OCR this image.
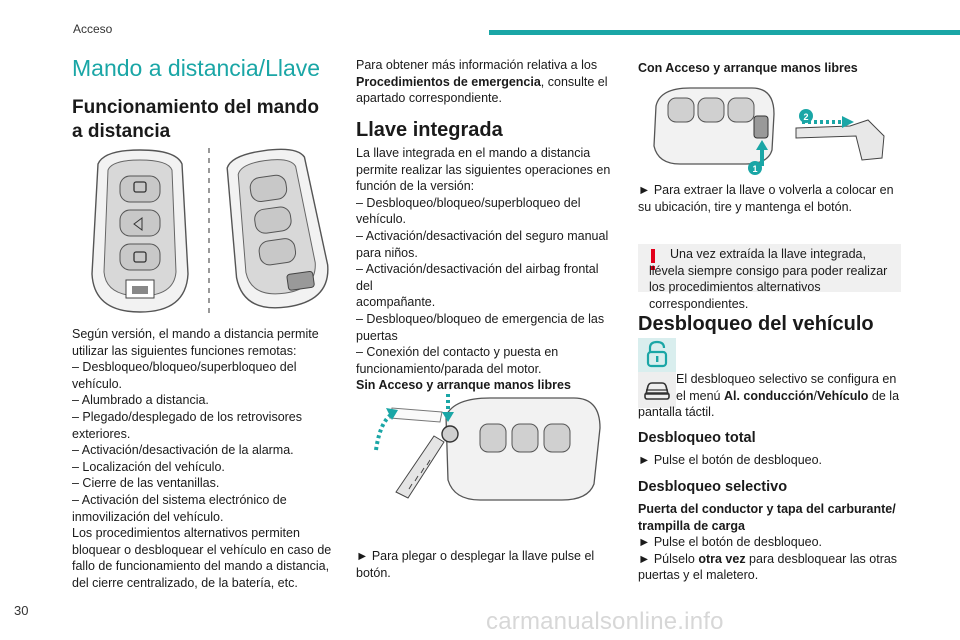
Acceso
Mando a distancia/Llave

Funcionamiento del mando

a distancia

Según versión, el mando a distancia permite

utilizar las siguientes funciones remotas:

– Desbloqueo/bloqueo/superbloqueo del

vehículo.

– Alumbrado a distancia.

– Plegado/desplegado de los retrovisores

exteriores.

– Activación/desactivación de la alarma.

– Localización del vehículo.

– Cierre de las ventanillas.

– Activación del sistema electrónico de

inmovilización del vehículo.

Los procedimientos alternativos permiten

bloquear o desbloquear el vehículo en caso de

fallo de funcionamiento del mando a distancia,

del cierre centralizado, de la batería, etc.

Para obtener más información relativa a los

Procedimientos de emergencia, consulte el

apartado correspondiente.

Llave integrada

La llave integrada en el mando a distancia

permite realizar las siguientes operaciones en

función de la versión:

– Desbloqueo/bloqueo/superbloqueo del

vehículo.

– Activación/desactivación del seguro manual

para niños.

– Activación/desactivación del airbag frontal del

acompañante.

– Desbloqueo/bloqueo de emergencia de las

puertas

– Conexión del contacto y puesta en

funcionamiento/parada del motor.

Sin Acceso y arranque manos libres

► Para plegar o desplegar la llave pulse el

botón.

Con Acceso y arranque manos libres

2
1

► Para extraer la llave o volverla a colocar en

su ubicación, tire y mantenga el botón.

Una vez extraída la llave integrada, llévela siempre consigo para poder realizar los procedimientos alternativos correspondientes.

Desbloqueo del vehículo

El desbloqueo selectivo se configura en

el menú Al. conducción/Vehículo de la

pantalla táctil.

Desbloqueo total

► Pulse el botón de desbloqueo.

Desbloqueo selectivo

Puerta del conductor y tapa del carburante/

trampilla de carga

► Pulse el botón de desbloqueo.

► Púlselo otra vez para desbloquear las otras

puertas y el maletero.

30	carmanualsonline.info
